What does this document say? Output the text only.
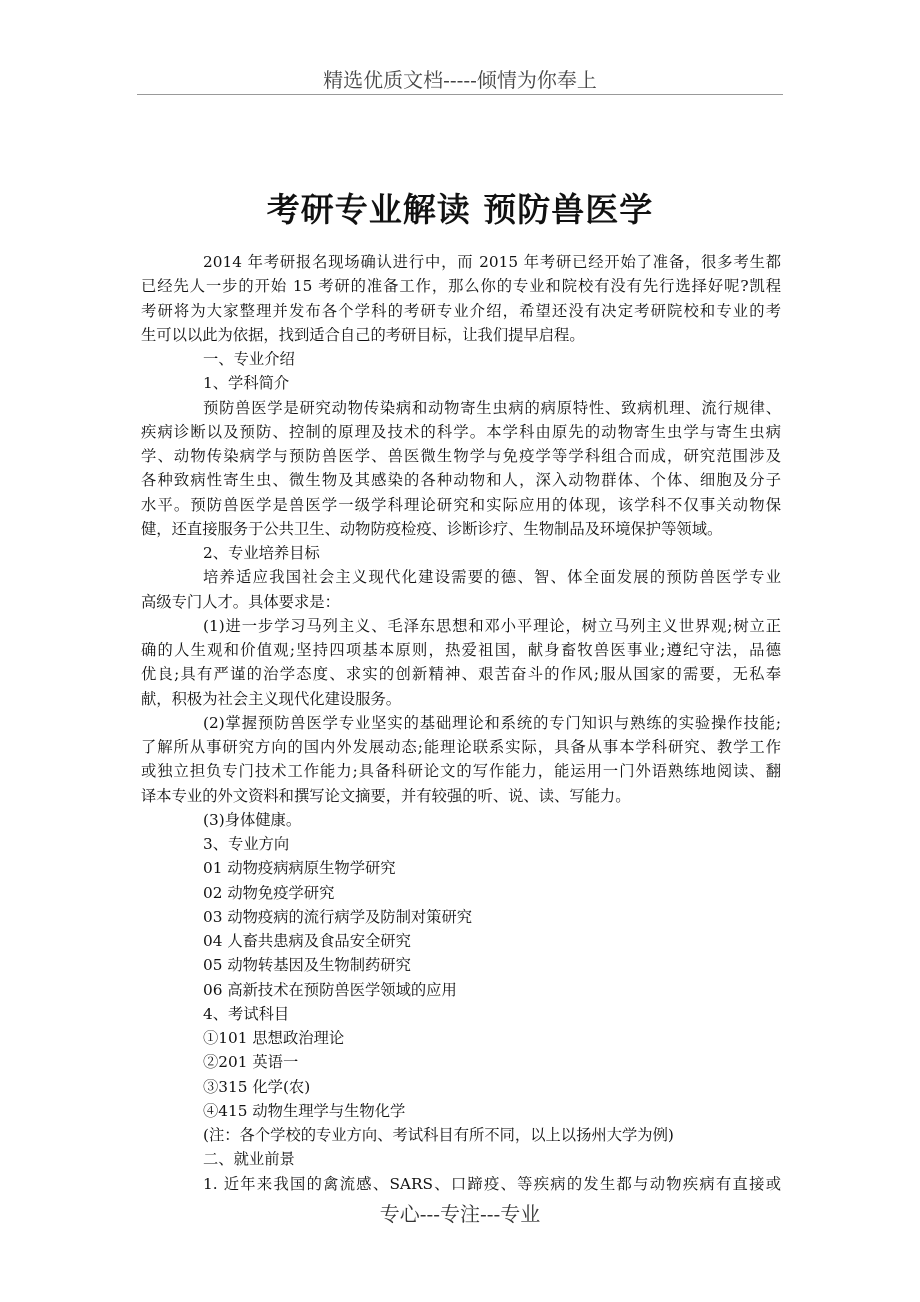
精选优质文档-----倾情为你奉上
考研专业解读 预防兽医学
2014 年考研报名现场确认进行中，而 2015 年考研已经开始了准备，很多考生都
已经先人一步的开始 15 考研的准备工作，那么你的专业和院校有没有先行选择好呢?凯程
考研将为大家整理并发布各个学科的考研专业介绍，希望还没有决定考研院校和专业的考
生可以以此为依据，找到适合自己的考研目标，让我们提早启程。
一、专业介绍
1、学科简介
预防兽医学是研究动物传染病和动物寄生虫病的病原特性、致病机理、流行规律、
疾病诊断以及预防、控制的原理及技术的科学。本学科由原先的动物寄生虫学与寄生虫病
学、动物传染病学与预防兽医学、兽医微生物学与免疫学等学科组合而成，研究范围涉及
各种致病性寄生虫、微生物及其感染的各种动物和人，深入动物群体、个体、细胞及分子
水平。预防兽医学是兽医学一级学科理论研究和实际应用的体现，该学科不仅事关动物保
健，还直接服务于公共卫生、动物防疫检疫、诊断诊疗、生物制品及环境保护等领域。
2、专业培养目标
培养适应我国社会主义现代化建设需要的德、智、体全面发展的预防兽医学专业
高级专门人才。具体要求是：
(1)进一步学习马列主义、毛泽东思想和邓小平理论，树立马列主义世界观;树立正
确的人生观和价值观;坚持四项基本原则，热爱祖国，献身畜牧兽医事业;遵纪守法，品德
优良;具有严谨的治学态度、求实的创新精神、艰苦奋斗的作风;服从国家的需要，无私奉
献，积极为社会主义现代化建设服务。
(2)掌握预防兽医学专业坚实的基础理论和系统的专门知识与熟练的实验操作技能;
了解所从事研究方向的国内外发展动态;能理论联系实际，具备从事本学科研究、教学工作
或独立担负专门技术工作能力;具备科研论文的写作能力，能运用一门外语熟练地阅读、翻
译本专业的外文资料和撰写论文摘要，并有较强的听、说、读、写能力。
(3)身体健康。
3、专业方向
01 动物疫病病原生物学研究
02 动物免疫学研究
03 动物疫病的流行病学及防制对策研究
04 人畜共患病及食品安全研究
05 动物转基因及生物制药研究
06 高新技术在预防兽医学领域的应用
4、考试科目
①101 思想政治理论
②201 英语一
③315 化学(农)
④415 动物生理学与生物化学
(注：各个学校的专业方向、考试科目有所不同，以上以扬州大学为例)
二、就业前景
1. 近年来我国的禽流感、SARS、口蹄疫、等疾病的发生都与动物疾病有直接或
专心---专注---专业
